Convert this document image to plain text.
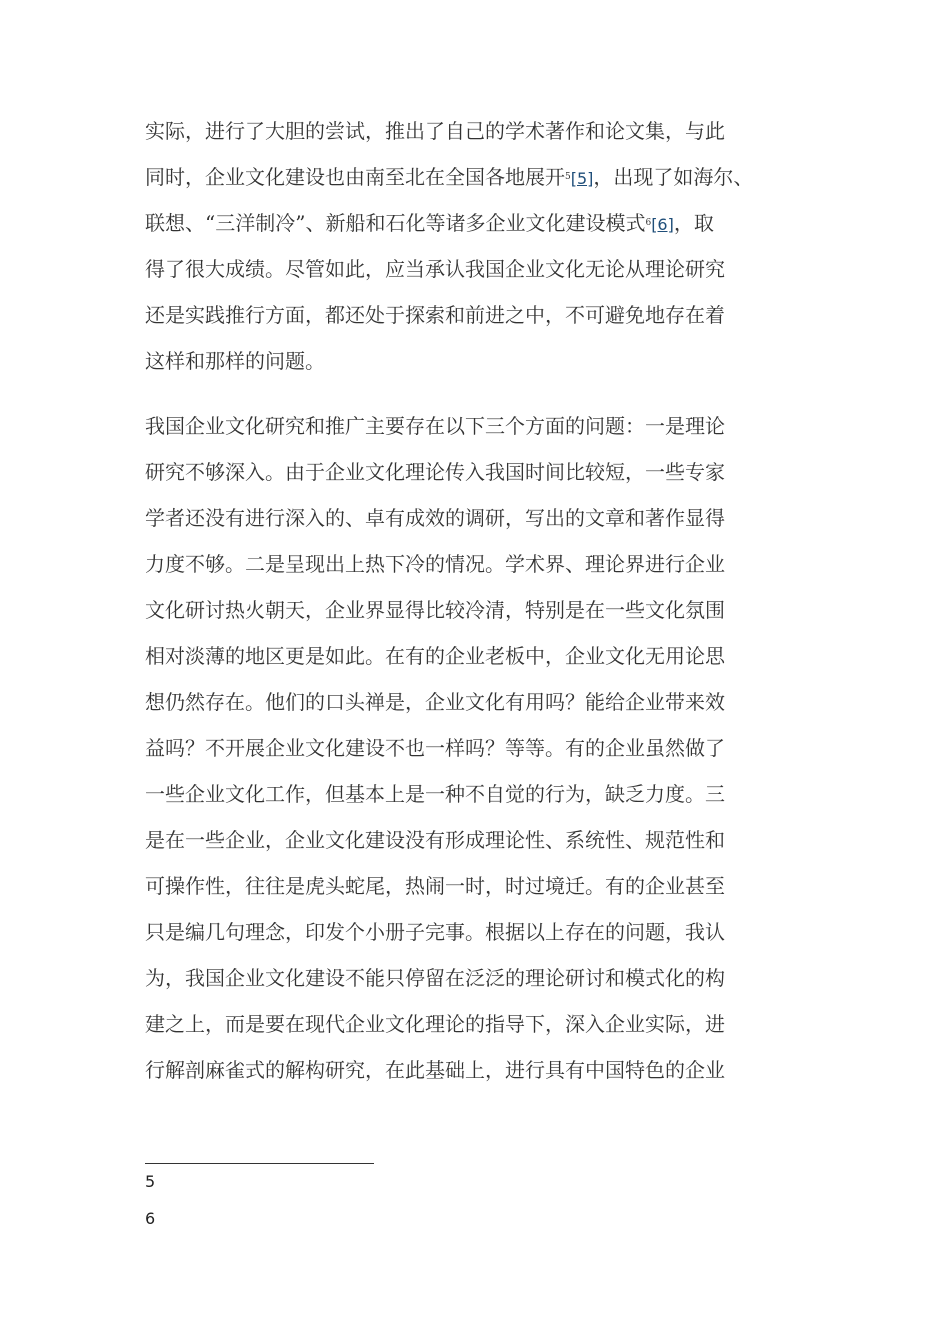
实际，进行了大胆的尝试，推出了自己的学术著作和论文集，与此
同时，企业文化建设也由南至北在全国各地展开$^5$[5]，出现了如海尔、
联想、“三洋制冷”、新船和石化等诸多企业文化建设模式$^6$[6]，取
得了很大成绩。尽管如此，应当承认我国企业文化无论从理论研究
还是实践推行方面，都还处于探索和前进之中，不可避免地存在着
这样和那样的问题。
我国企业文化研究和推广主要存在以下三个方面的问题：一是理论
研究不够深入。由于企业文化理论传入我国时间比较短，一些专家
学者还没有进行深入的、卓有成效的调研，写出的文章和著作显得
力度不够。二是呈现出上热下冷的情况。学术界、理论界进行企业
文化研讨热火朝天，企业界显得比较冷清，特别是在一些文化氛围
相对淡薄的地区更是如此。在有的企业老板中，企业文化无用论思
想仍然存在。他们的口头禅是，企业文化有用吗？能给企业带来效
益吗？不开展企业文化建设不也一样吗？等等。有的企业虽然做了
一些企业文化工作，但基本上是一种不自觉的行为，缺乏力度。三
是在一些企业，企业文化建设没有形成理论性、系统性、规范性和
可操作性，往往是虎头蛇尾，热闹一时，时过境迁。有的企业甚至
只是编几句理念，印发个小册子完事。根据以上存在的问题，我认
为，我国企业文化建设不能只停留在泛泛的理论研讨和模式化的构
建之上，而是要在现代企业文化理论的指导下，深入企业实际，进
行解剖麻雀式的解构研究，在此基础上，进行具有中国特色的企业
5
6
